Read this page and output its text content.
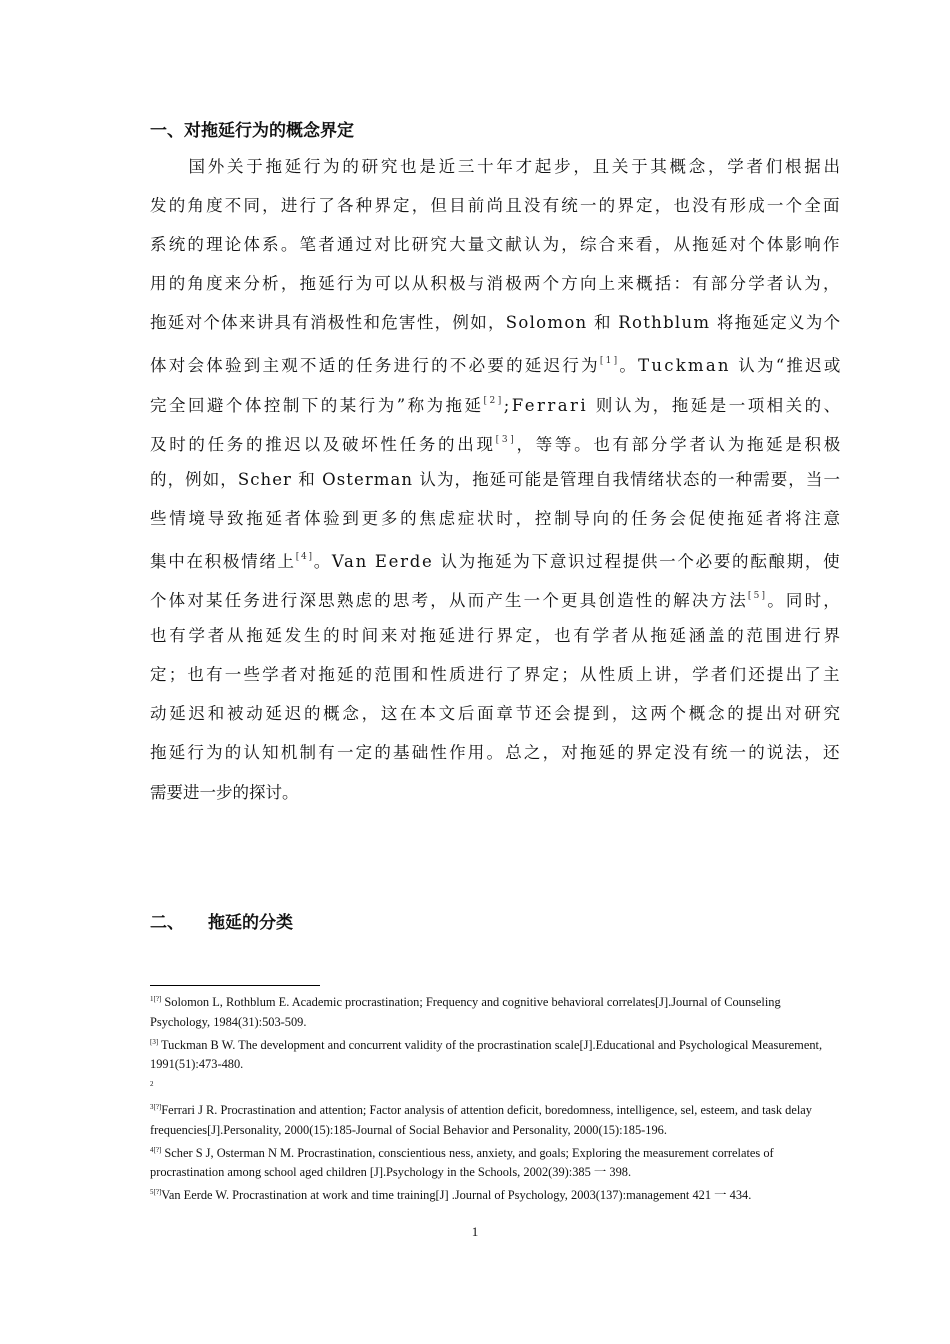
一、对拖延行为的概念界定
　　国外关于拖延行为的研究也是近三十年才起步，且关于其概念，学者们根据出
发的角度不同，进行了各种界定，但目前尚且没有统一的界定，也没有形成一个全面
系统的理论体系。笔者通过对比研究大量文献认为，综合来看，从拖延对个体影响作
用的角度来分析，拖延行为可以从积极与消极两个方向上来概括：有部分学者认为，
拖延对个体来讲具有消极性和危害性，例如，Solomon 和 Rothblum 将拖延定义为个
体对会体验到主观不适的任务进行的不必要的延迟行为[1]。Tuckman 认为“推迟或
完全回避个体控制下的某行为”称为拖延[2];Ferrari 则认为，拖延是一项相关的、
及时的任务的推迟以及破坏性任务的出现[3]，等等。也有部分学者认为拖延是积极
的，例如，Scher 和 Osterman 认为，拖延可能是管理自我情绪状态的一种需要，当一
些情境导致拖延者体验到更多的焦虑症状时，控制导向的任务会促使拖延者将注意
集中在积极情绪上[4]。Van Eerde 认为拖延为下意识过程提供一个必要的酝酿期，使
个体对某任务进行深思熟虑的思考，从而产生一个更具创造性的解决方法[5]。同时，
也有学者从拖延发生的时间来对拖延进行界定，也有学者从拖延涵盖的范围进行界
定；也有一些学者对拖延的范围和性质进行了界定；从性质上讲，学者们还提出了主
动延迟和被动延迟的概念，这在本文后面章节还会提到，这两个概念的提出对研究
拖延行为的认知机制有一定的基础性作用。总之，对拖延的界定没有统一的说法，还
需要进一步的探讨。
二、 拖延的分类

$^{1[?]}$ Solomon L, Rothblum E. Academic procrastination; Frequency and cognitive behavioral correlates[J].Journal of Counseling Psychology, 1984(31):503-509.

[3] Tuckman B W. The development and concurrent validity of the procrastination scale[J].Educational and Psychological Measurement, 1991(51):473-480.

$^2$

$^{3[?]}$Ferrari J R. Procrastination and attention; Factor analysis of attention deficit, boredomness, intelligence, sel, esteem, and task delay frequencies[J].Personality, 2000(15):185-Journal of Social Behavior and Personality, 2000(15):185-196.

$^{4[?]}$ Scher S J, Osterman N M. Procrastination, conscientious ness, anxiety, and goals; Exploring the measurement correlates of procrastination among school aged children [J].Psychology in the Schools, 2002(39):385 一 398.

$^{5[?]}$Van Eerde W. Procrastination at work and time training[J] .Journal of Psychology, 2003(137):management 421 一 434.

1
